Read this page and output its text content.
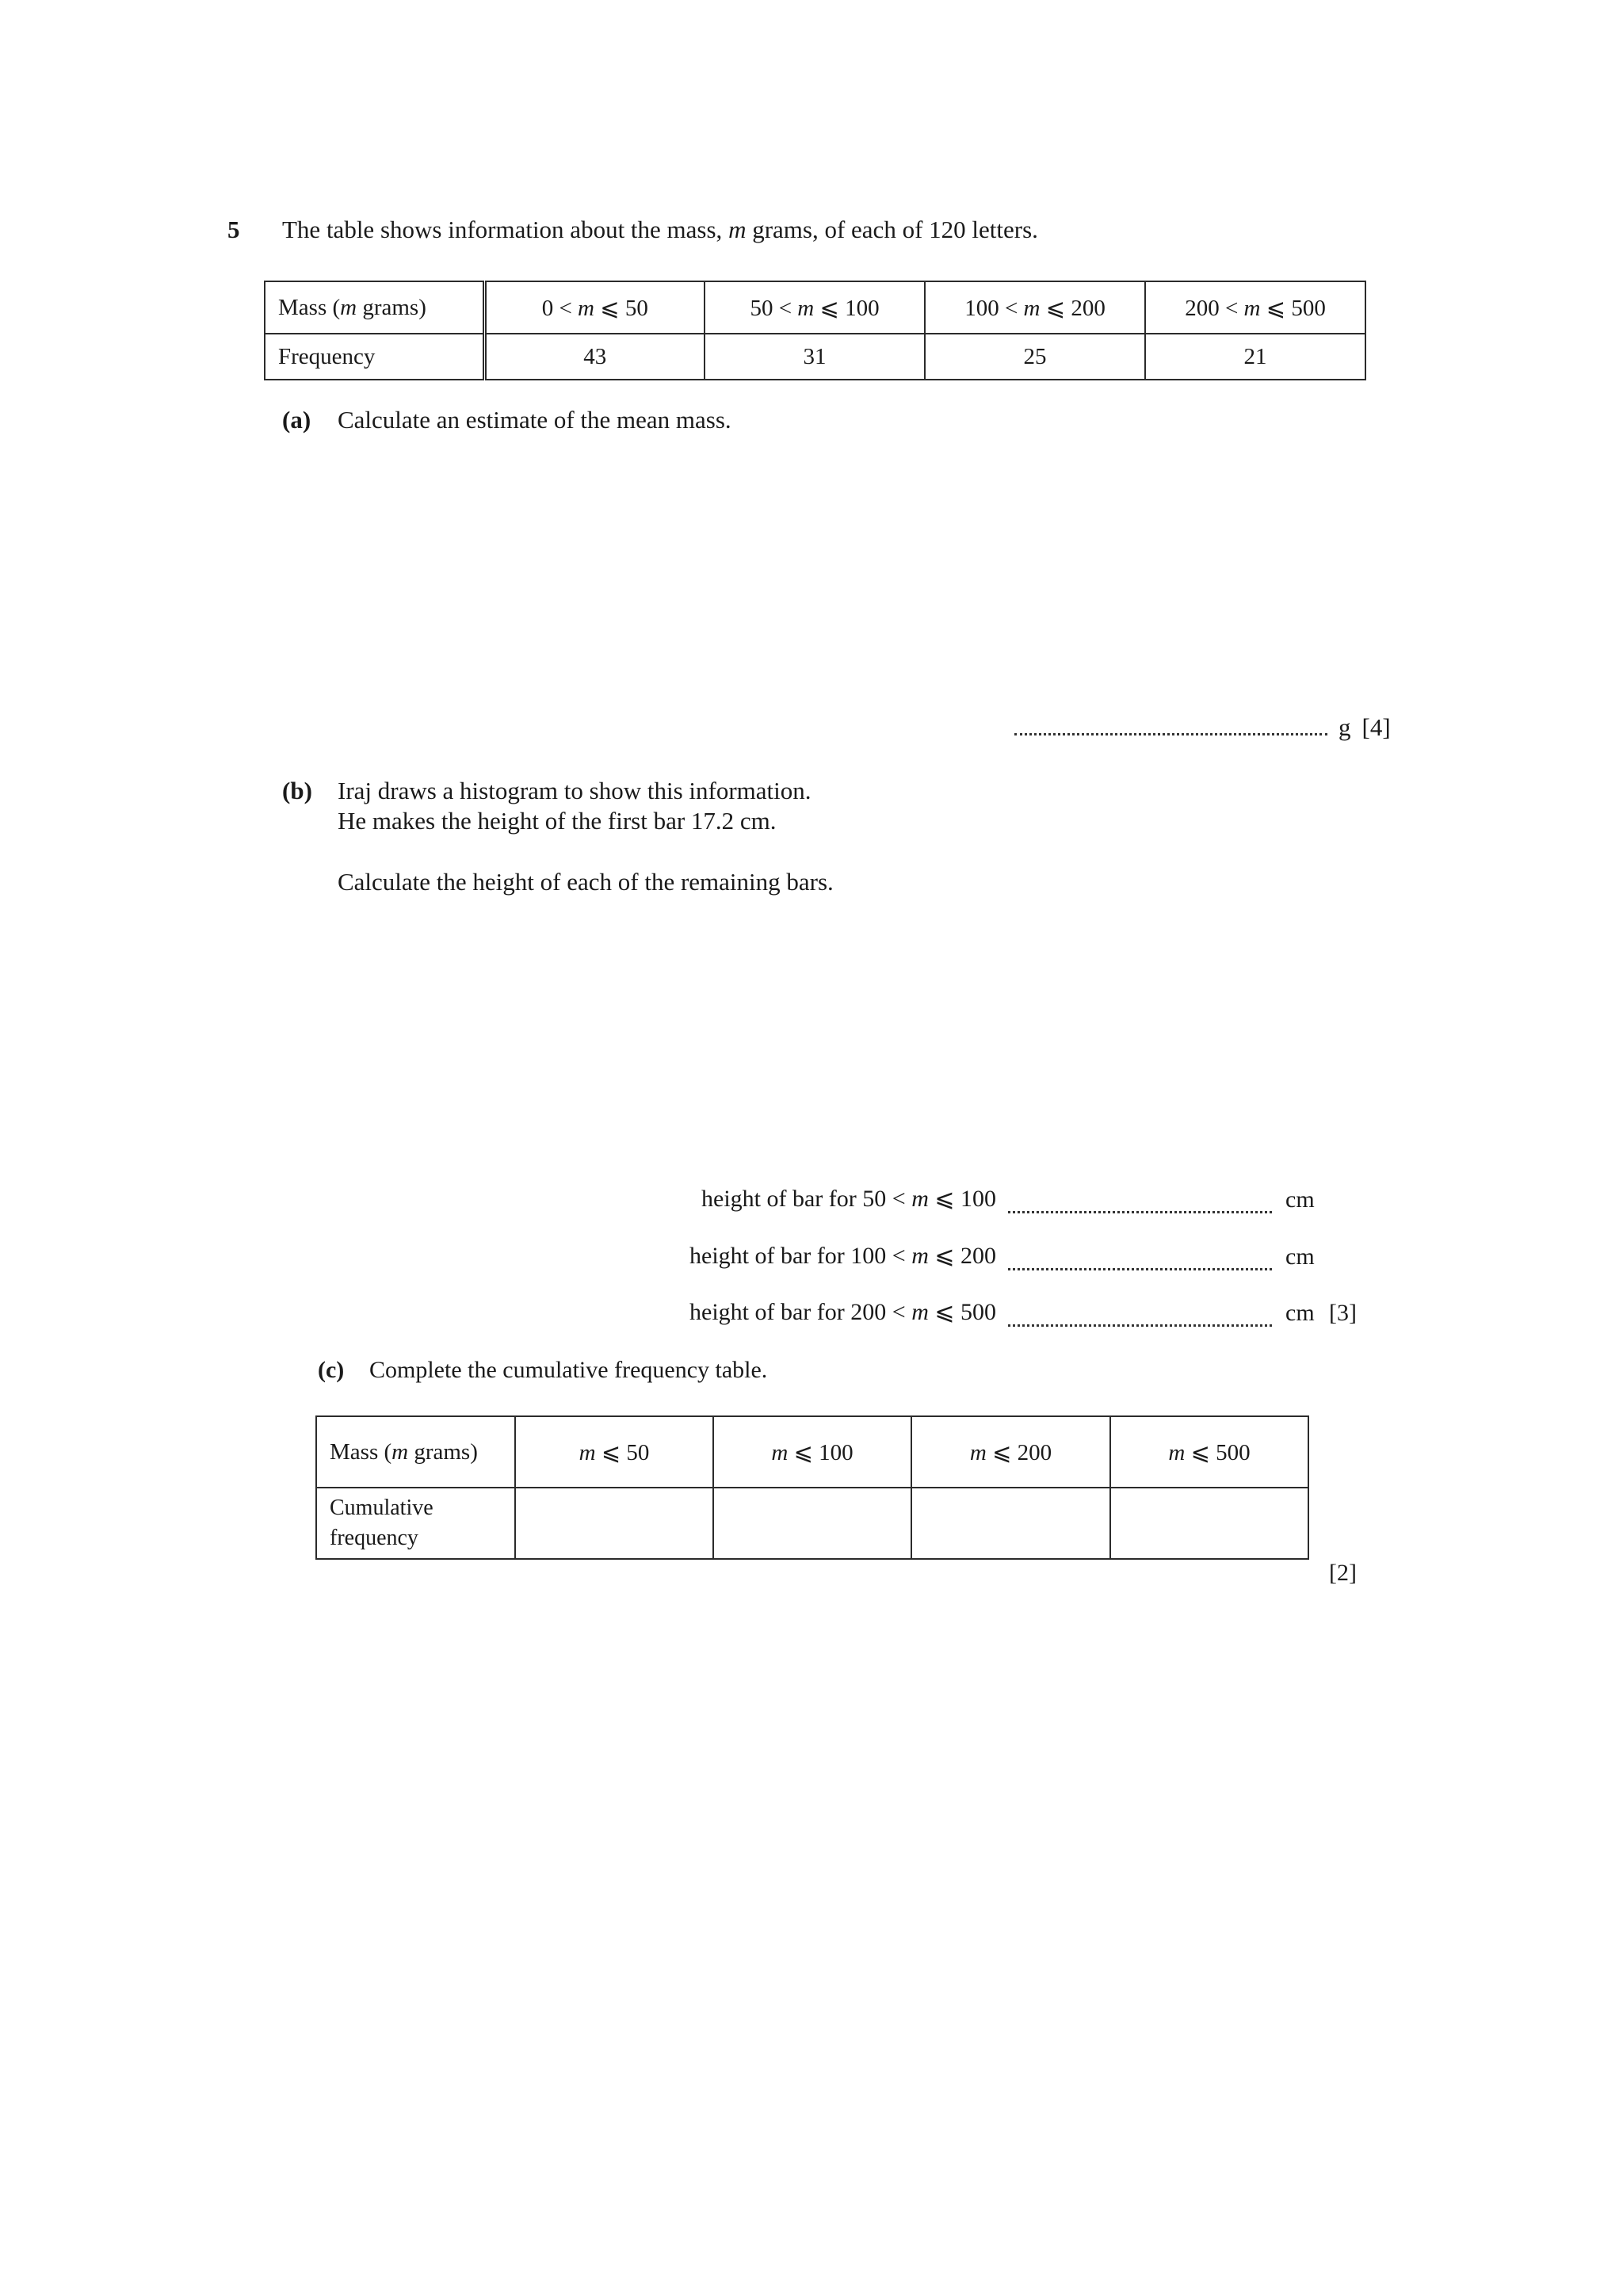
5 The table shows information about the mass, m grams, of each of 120 letters.
Mass (m grams)	0 < m ⩽ 50	50 < m ⩽ 100	100 < m ⩽ 200	200 < m ⩽ 500
Frequency	43	31	25	21
(a) Calculate an estimate of the mean mass.
g [4]
(b) Iraj draws a histogram to show this information.
He makes the height of the first bar 17.2 cm.
Calculate the height of each of the remaining bars.
height of bar for 50 < m ⩽ 100	cm
height of bar for 100 < m ⩽ 200	cm
height of bar for 200 < m ⩽ 500	cm [3]
(c) Complete the cumulative frequency table.
Mass (m grams)	m ⩽ 50	m ⩽ 100	m ⩽ 200	m ⩽ 500
Cumulative
frequency				
[2]
